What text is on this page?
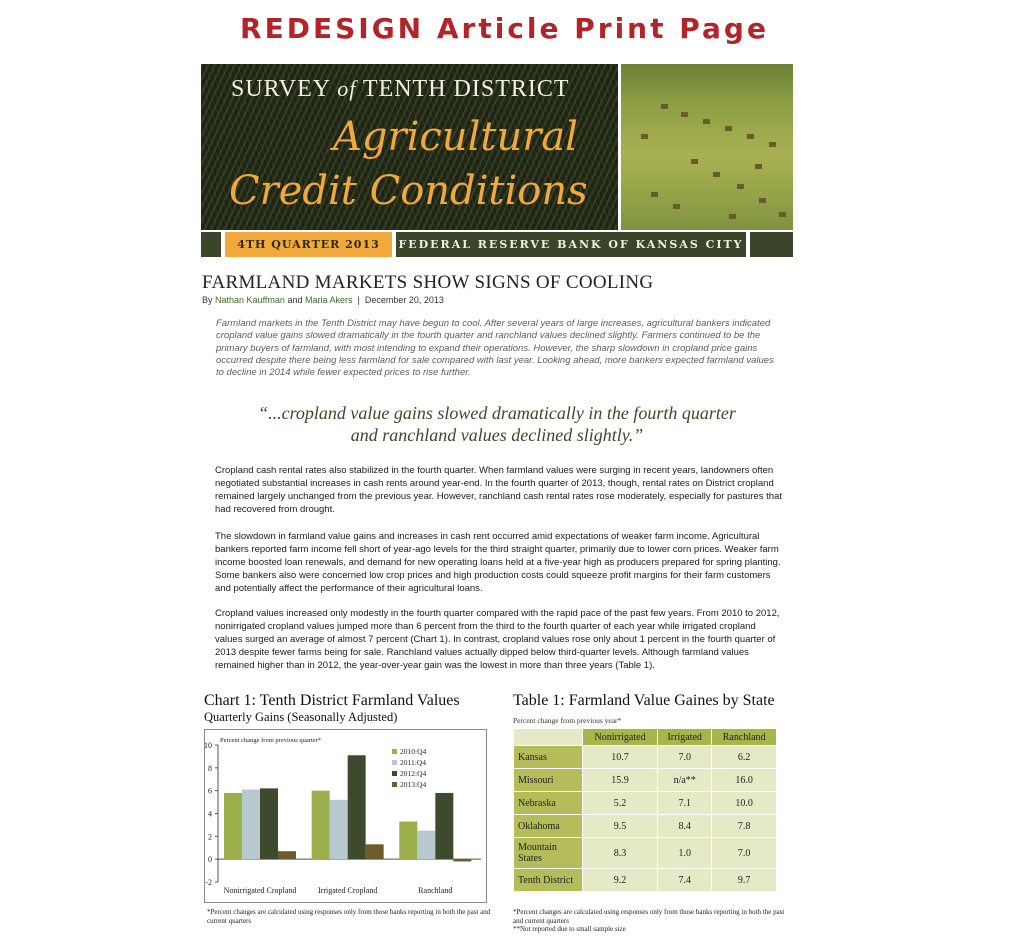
REDESIGN Article Print Page
SURVEY of TENTH DISTRICT
Agricultural
Credit Conditions
4TH QUARTER 2013	FEDERAL RESERVE BANK OF KANSAS CITY
FARMLAND MARKETS SHOW SIGNS OF COOLING
By Nathan Kauffman and Maria Akers | December 20, 2013
Farmland markets in the Tenth District may have begun to cool. After several years of large increases, agricultural bankers indicated cropland value gains slowed dramatically in the fourth quarter and ranchland values declined slightly. Farmers continued to be the primary buyers of farmland, with most intending to expand their operations. However, the sharp slowdown in cropland price gains occurred despite there being less farmland for sale compared with last year. Looking ahead, more bankers expected farmland values to decline in 2014 while fewer expected prices to rise further.
“...cropland value gains slowed dramatically in the fourth quarter
and ranchland values declined slightly.”

Cropland cash rental rates also stabilized in the fourth quarter. When farmland values were surging in recent years, landowners often negotiated substantial increases in cash rents around year-end. In the fourth quarter of 2013, though, rental rates on District cropland remained largely unchanged from the previous year. However, ranchland cash rental rates rose moderately, especially for pastures that had recovered from drought.

The slowdown in farmland value gains and increases in cash rent occurred amid expectations of weaker farm income. Agricultural bankers reported farm income fell short of year-ago levels for the third straight quarter, primarily due to lower corn prices. Weaker farm income boosted loan renewals, and demand for new operating loans held at a five-year high as producers prepared for spring planting. Some bankers also were concerned low crop prices and high production costs could squeeze profit margins for their farm customers and potentially affect the performance of their agricultural loans.

Cropland values increased only modestly in the fourth quarter compared with the rapid pace of the past few years. From 2010 to 2012, nonirrigated cropland values jumped more than 6 percent from the third to the fourth quarter of each year while irrigated cropland values surged an average of almost 7 percent (Chart 1). In contrast, cropland values rose only about 1 percent in the fourth quarter of 2013 despite fewer farms being for sale. Ranchland values actually dipped below third-quarter levels. Although farmland values remained higher than in 2012, the year-over-year gain was the lowest in more than three years (Table 1).

Chart 1: Tenth District Farmland Values
Quarterly Gains (Seasonally Adjusted)
-2
0
2
4
6
8
10
Percent change from previous quarter*
Nonirrigated Cropland	Irrigated Cropland	Ranchland
2010:Q4
2011:Q4
2012:Q4
2013:Q4
*Percent changes are calculated using responses only from those banks reporting in both the past and current quarters
Table 1: Farmland Value Gaines by State
Percent change from previous year*
	Nonirrigated	Irrigated	Ranchland
Kansas	10.7	7.0	6.2
Missouri	15.9	n/a**	16.0
Nebraska	5.2	7.1	10.0
Oklahoma	9.5	8.4	7.8
Mountain States	8.3	1.0	7.0
Tenth District	9.2	7.4	9.7
*Percent changes are calculated using responses only from those banks reporting in both the past and current quarters
**Not reported due to small sample size
